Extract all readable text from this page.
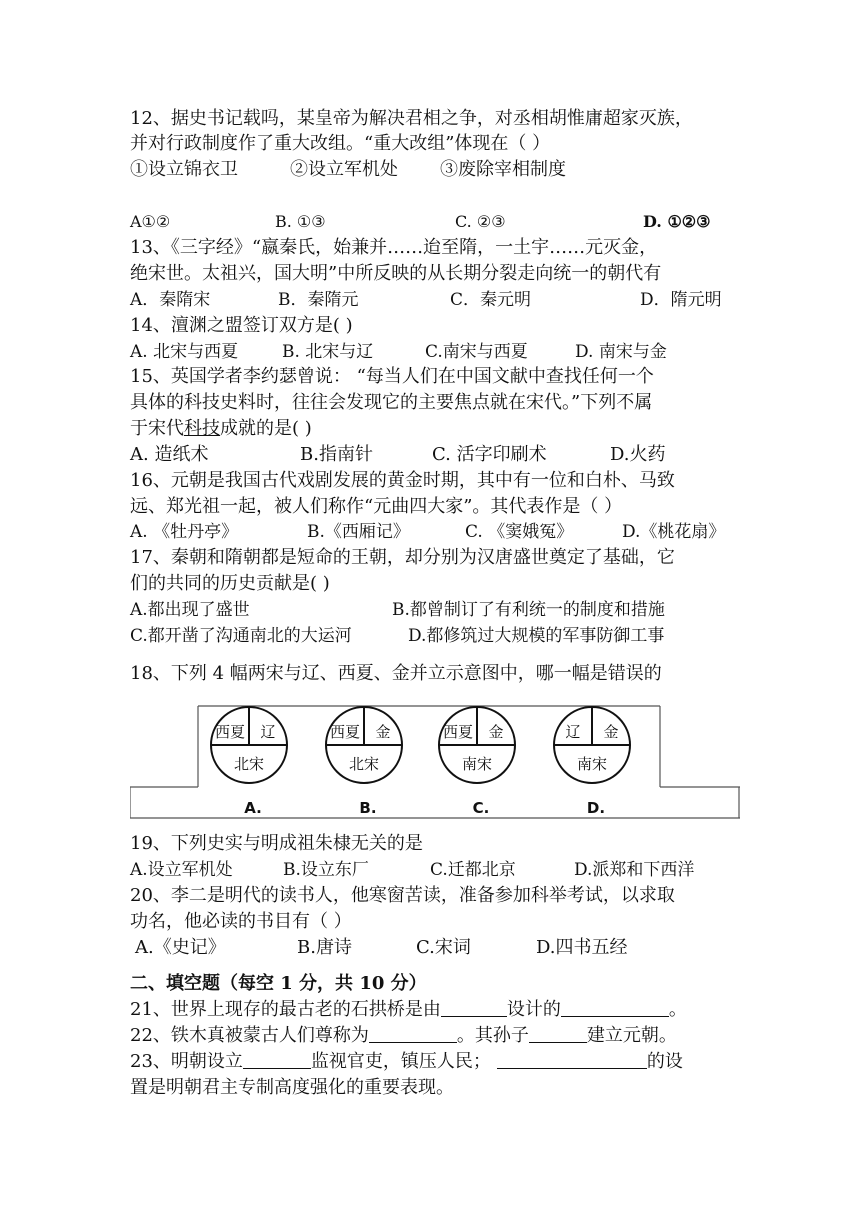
12、据史书记载吗，某皇帝为解决君相之争，对丞相胡惟庸超家灭族，
并对行政制度作了重大改组。“重大改组”体现在（ ）
①设立锦衣卫	②设立军机处 ③废除宰相制度
A①②	B. ①③	C. ②③	D. ①②③
13、《三字经》“嬴秦氏，始兼并……迨至隋，一土宇……元灭金，
绝宋世。太祖兴，国大明”中所反映的从长期分裂走向统一的朝代有
A．秦隋宋	B．秦隋元	C．秦元明	D．隋元明
14、澶渊之盟签订双方是( )
A. 北宋与西夏	B. 北宋与辽	C.南宋与西夏	D. 南宋与金
15、英国学者李约瑟曾说： “每当人们在中国文献中查找任何一个
具体的科技史料时，往往会发现它的主要焦点就在宋代。”下列不属
于宋代科技成就的是( )
A. 造纸术	B.指南针	C. 活字印刷术	D.火药
16、元朝是我国古代戏剧发展的黄金时期，其中有一位和白朴、马致
远、郑光祖一起，被人们称作“元曲四大家”。其代表作是（ ）
A. 《牡丹亭》	B.《西厢记》	C. 《窦娥冤》	D.《桃花扇》
17、秦朝和隋朝都是短命的王朝，却分别为汉唐盛世奠定了基础，它
们的共同的历史贡献是( )
A.都出现了盛世	B.都曾制订了有利统一的制度和措施
C.都开凿了沟通南北的大运河	D.都修筑过大规模的军事防御工事
18、下列 4 幅两宋与辽、西夏、金并立示意图中，哪一幅是错误的
西夏 辽
北宋
A.
西夏 金
北宋
B.
西夏 金
南宋
C.
辽 金
南宋
D.
19、下列史实与明成祖朱棣无关的是
A.设立军机处	B.设立东厂	C.迁都北京	D.派郑和下西洋
20、李二是明代的读书人，他寒窗苦读，准备参加科举考试，以求取
功名，他必读的书目有（ ）
A.《史记》	B.唐诗	C.宋词	D.四书五经
二、填空题（每空 1 分，共 10 分）
21、世界上现存的最古老的石拱桥是由	设计的	。
22、铁木真被蒙古人们尊称为	。其孙子	建立元朝。
23、明朝设立	监视官吏，镇压人民；	的设
置是明朝君主专制高度强化的重要表现。
